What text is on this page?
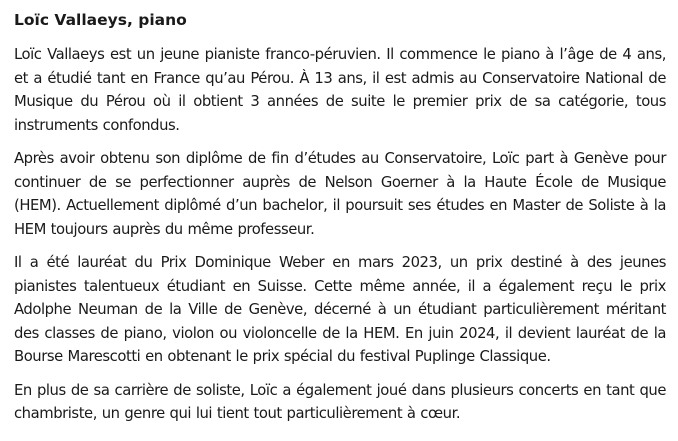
Loïc Vallaeys, piano

Loïc Vallaeys est un jeune pianiste franco-péruvien. Il commence le piano à l’âge de 4 ans, et a étudié tant en France qu’au Pérou. À 13 ans, il est admis au Conservatoire National de Musique du Pérou où il obtient 3 années de suite le premier prix de sa catégorie, tous instruments confondus.

Après avoir obtenu son diplôme de fin d’études au Conservatoire, Loïc part à Genève pour continuer de se perfectionner auprès de Nelson Goerner à la Haute École de Musique (HEM). Actuellement diplômé d’un bachelor, il poursuit ses études en Master de Soliste à la HEM toujours auprès du même professeur.

Il a été lauréat du Prix Dominique Weber en mars 2023, un prix destiné à des jeunes pianistes talentueux étudiant en Suisse. Cette même année, il a également reçu le prix Adolphe Neuman de la Ville de Genève, décerné à un étudiant particulièrement méritant des classes de piano, violon ou violoncelle de la HEM. En juin 2024, il devient lauréat de la Bourse Marescotti en obtenant le prix spécial du festival Puplinge Classique.

En plus de sa carrière de soliste, Loïc a également joué dans plusieurs concerts en tant que chambriste, un genre qui lui tient tout particulièrement à cœur.
